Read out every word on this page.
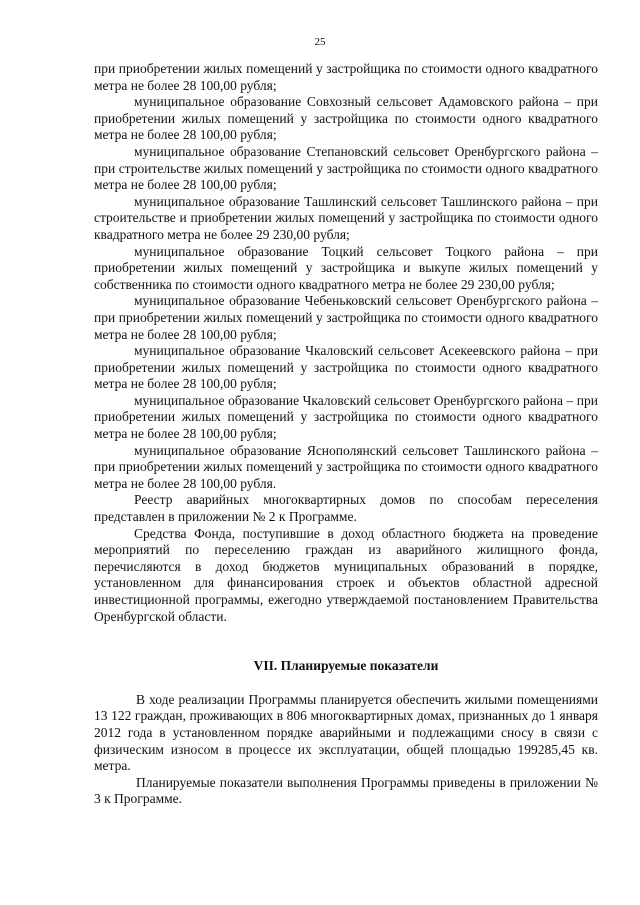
25

при приобретении жилых помещений у застройщика по стоимости одного квадратного метра не более 28 100,00 рубля;

муниципальное образование Совхозный сельсовет Адамовского района – при приобретении жилых помещений у застройщика по стоимости одного квадратного метра не более 28 100,00 рубля;

муниципальное образование Степановский сельсовет Оренбургского района – при строительстве жилых помещений у застройщика по стоимости одного квадратного метра не более 28 100,00 рубля;

муниципальное образование Ташлинский сельсовет Ташлинского района – при строительстве и приобретении жилых помещений у застройщика по стоимости одного квадратного метра не более 29 230,00 рубля;

муниципальное образование Тоцкий сельсовет Тоцкого района – при приобретении жилых помещений у застройщика и выкупе жилых помещений у собственника по стоимости одного квадратного метра не более 29 230,00 рубля;

муниципальное образование Чебеньковский сельсовет Оренбургского района – при приобретении жилых помещений у застройщика по стоимости одного квадратного метра не более 28 100,00 рубля;

муниципальное образование Чкаловский сельсовет Асекеевского района – при приобретении жилых помещений у застройщика по стоимости одного квадратного метра не более 28 100,00 рубля;

муниципальное образование Чкаловский сельсовет Оренбургского района – при приобретении жилых помещений у застройщика по стоимости одного квадратного метра не более 28 100,00 рубля;

муниципальное образование Яснополянский сельсовет Ташлинского района – при приобретении жилых помещений у застройщика по стоимости одного квадратного метра не более 28 100,00 рубля.

Реестр аварийных многоквартирных домов по способам переселения представлен в приложении № 2 к Программе.

Средства Фонда, поступившие в доход областного бюджета на проведение мероприятий по переселению граждан из аварийного жилищного фонда, перечисляются в доход бюджетов муниципальных образований в порядке, установленном для финансирования строек и объектов областной адресной инвестиционной программы, ежегодно утверждаемой постановлением Правительства Оренбургской области.

VII. Планируемые показатели

В ходе реализации Программы планируется обеспечить жилыми помещениями 13 122 граждан, проживающих в 806 многоквартирных домах, признанных до 1 января 2012 года в установленном порядке аварийными и подлежащими сносу в связи с физическим износом в процессе их эксплуатации, общей площадью 199285,45 кв. метра.

Планируемые показатели выполнения Программы приведены в приложении № 3 к Программе.
